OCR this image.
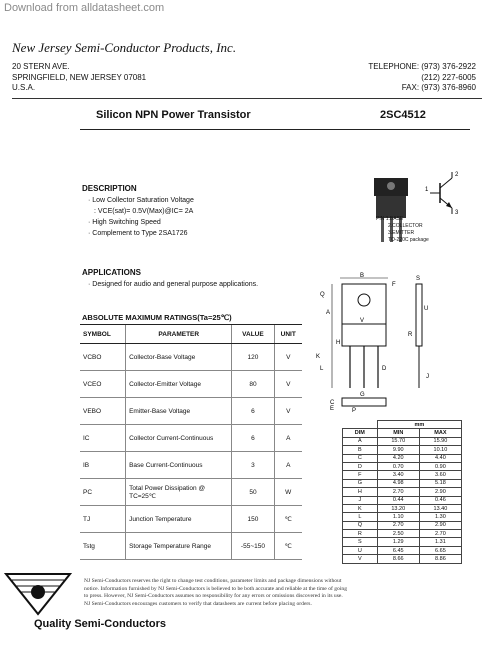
Download from alldatasheet.com
New Jersey Semi-Conductor Products, Inc.
20 STERN AVE.
SPRINGFIELD, NEW JERSEY 07081
U.S.A.
TELEPHONE: (973) 376-2922
(212) 227-6005
FAX: (973) 376-8960
Silicon NPN Power Transistor	2SC4512
DESCRIPTION
· Low Collector Saturation Voltage
: VCE(sat)= 0.5V(Max)@IC= 2A
· High Switching Speed
· Complement to Type 2SA1726
1
2
3
PIN 1.BASE
2.COLLECTOR
3.EMITTER
TO-220C package
APPLICATIONS
· Designed for audio and general purpose applications.
ABSOLUTE MAXIMUM RATINGS(Ta=25℃)
SYMBOL	PARAMETER	VALUE	UNIT
VCBO	Collector-Base Voltage	120	V
VCEO	Collector-Emitter Voltage	80	V
VEBO	Emitter-Base Voltage	6	V
IC	Collector Current-Continuous	6	A
IB	Base Current-Continuous	3	A
PC	Total Power Dissipation @ TC=25℃	50	W
TJ	Junction Temperature	150	℃
Tstg	Storage Temperature Range	-55~150	℃
B	S
V
F
Q
H
K
L	D
G
J
C
A
U
P
R
E
	mm	
DIM	MIN	MAX
A	15.70	15.90
B	9.90	10.10
C	4.20	4.40
D	0.70	0.90
F	3.40	3.60
G	4.98	5.18
H	2.70	2.90
J	0.44	0.46
K	13.20	13.40
L	1.10	1.30
Q	2.70	2.90
R	2.50	2.70
S	1.29	1.31
U	6.45	6.65
V	8.66	8.86
NJ Semi-Conductors reserves the right to change test conditions, parameter limits and package dimensions without
notice. Information furnished by NJ Semi-Conductors is believed to be both accurate and reliable at the time of going
to press. However, NJ Semi-Conductors assumes no responsibility for any errors or omissions discovered in its use.
NJ Semi-Conductors encourages customers to verify that datasheets are current before placing orders.
Quality Semi-Conductors
